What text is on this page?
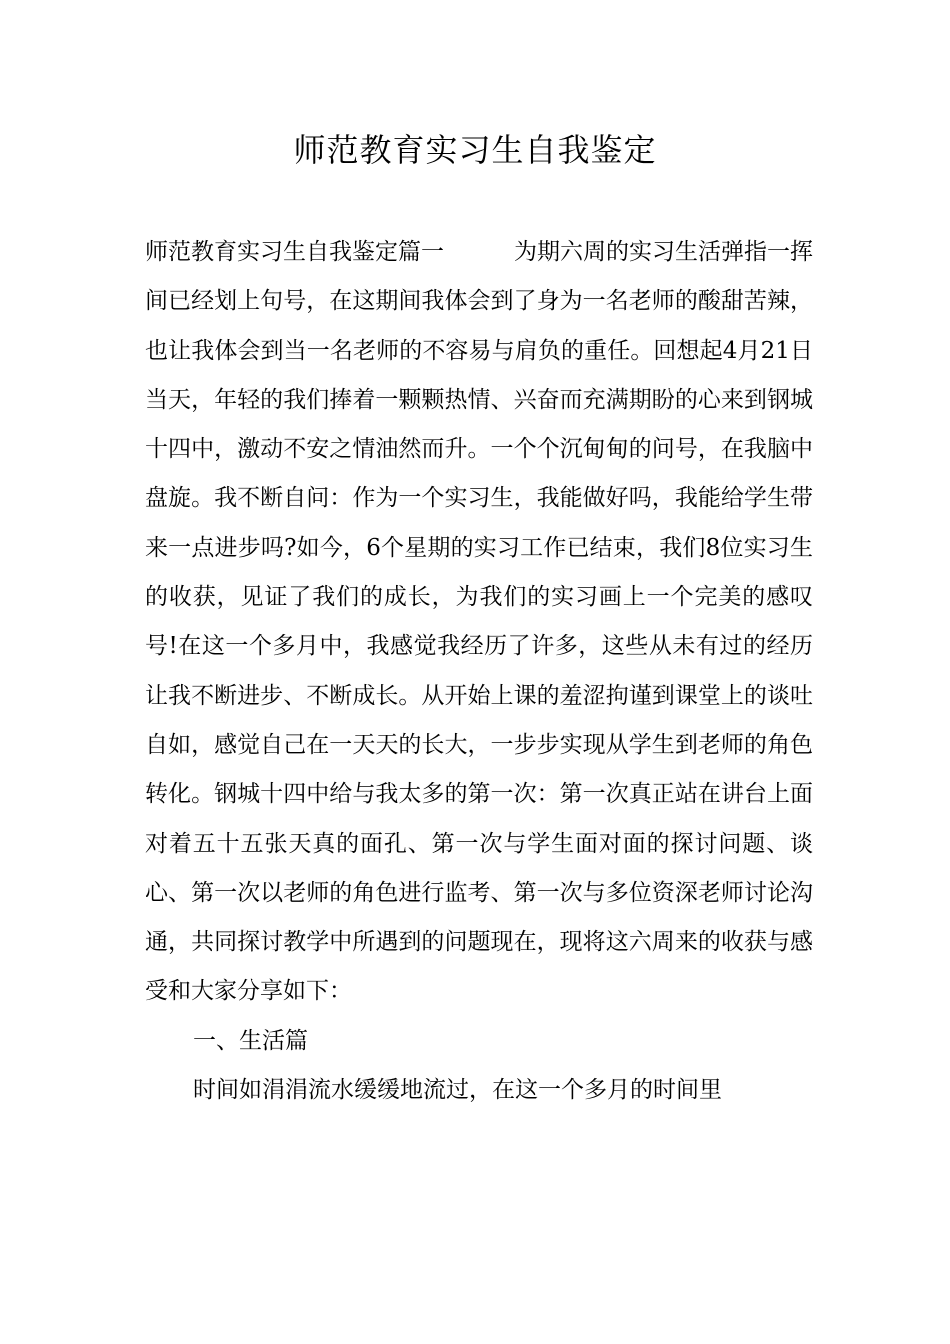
师范教育实习生自我鉴定

师范教育实习生自我鉴定篇一	为期六周的实习生活弹指一挥间已经划上句号，在这期间我体会到了身为一名老师的酸甜苦辣，也让我体会到当一名老师的不容易与肩负的重任。回想起4月21日当天，年轻的我们捧着一颗颗热情、兴奋而充满期盼的心来到钢城十四中，激动不安之情油然而升。一个个沉甸甸的问号，在我脑中盘旋。我不断自问：作为一个实习生，我能做好吗，我能给学生带来一点进步吗?如今，6个星期的实习工作已结束，我们8位实习生的收获，见证了我们的成长，为我们的实习画上一个完美的感叹号!在这一个多月中，我感觉我经历了许多，这些从未有过的经历让我不断进步、不断成长。从开始上课的羞涩拘谨到课堂上的谈吐自如，感觉自己在一天天的长大，一步步实现从学生到老师的角色转化。钢城十四中给与我太多的第一次：第一次真正站在讲台上面对着五十五张天真的面孔、第一次与学生面对面的探讨问题、谈心、第一次以老师的角色进行监考、第一次与多位资深老师讨论沟通，共同探讨教学中所遇到的问题现在，现将这六周来的收获与感受和大家分享如下：

一、生活篇

时间如涓涓流水缓缓地流过，在这一个多月的时间里
